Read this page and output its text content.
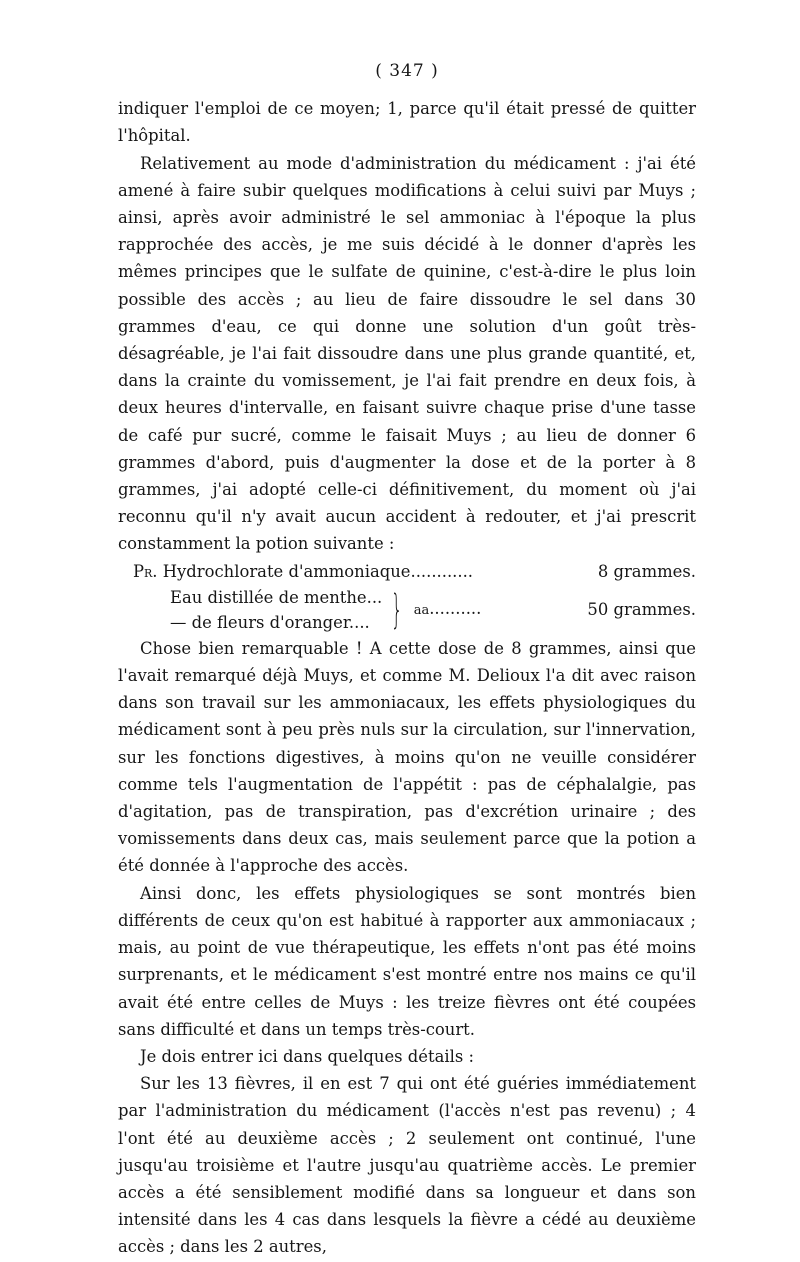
( 347 )

indiquer l'emploi de ce moyen; 1, parce qu'il était pressé de quitter l'hôpital.

Relativement au mode d'administration du médicament : j'ai été amené à faire subir quelques modifications à celui suivi par Muys ; ainsi, après avoir administré le sel ammoniac à l'époque la plus rapprochée des accès, je me suis décidé à le donner d'après les mêmes principes que le sulfate de quinine, c'est-à-dire le plus loin possible des accès ; au lieu de faire dissoudre le sel dans 30 grammes d'eau, ce qui donne une solution d'un goût très-désagréable, je l'ai fait dissoudre dans une plus grande quantité, et, dans la crainte du vomissement, je l'ai fait prendre en deux fois, à deux heures d'intervalle, en faisant suivre chaque prise d'une tasse de café pur sucré, comme le faisait Muys ; au lieu de donner 6 grammes d'abord, puis d'augmenter la dose et de la porter à 8 grammes, j'ai adopté celle-ci définitivement, du moment où j'ai reconnu qu'il n'y avait aucun accident à redouter, et j'ai prescrit constamment la potion suivante :

Pr. Hydrochlorate d'ammoniaque............	8 grammes.
Eau distillée de menthe...
— de fleurs d'oranger.... } aa..........	50 grammes.

Chose bien remarquable ! A cette dose de 8 grammes, ainsi que l'avait remarqué déjà Muys, et comme M. Delioux l'a dit avec raison dans son travail sur les ammoniacaux, les effets physiologiques du médicament sont à peu près nuls sur la circulation, sur l'innervation, sur les fonctions digestives, à moins qu'on ne veuille considérer comme tels l'augmentation de l'appétit : pas de céphalalgie, pas d'agitation, pas de transpiration, pas d'excrétion urinaire ; des vomissements dans deux cas, mais seulement parce que la potion a été donnée à l'approche des accès.

Ainsi donc, les effets physiologiques se sont montrés bien différents de ceux qu'on est habitué à rapporter aux ammoniacaux ; mais, au point de vue thérapeutique, les effets n'ont pas été moins surprenants, et le médicament s'est montré entre nos mains ce qu'il avait été entre celles de Muys : les treize fièvres ont été coupées sans difficulté et dans un temps très-court.

Je dois entrer ici dans quelques détails :

Sur les 13 fièvres, il en est 7 qui ont été guéries immédiatement par l'administration du médicament (l'accès n'est pas revenu) ; 4 l'ont été au deuxième accès ; 2 seulement ont continué, l'une jusqu'au troisième et l'autre jusqu'au quatrième accès. Le premier accès a été sensiblement modifié dans sa longueur et dans son intensité dans les 4 cas dans lesquels la fièvre a cédé au deuxième accès ; dans les 2 autres,
